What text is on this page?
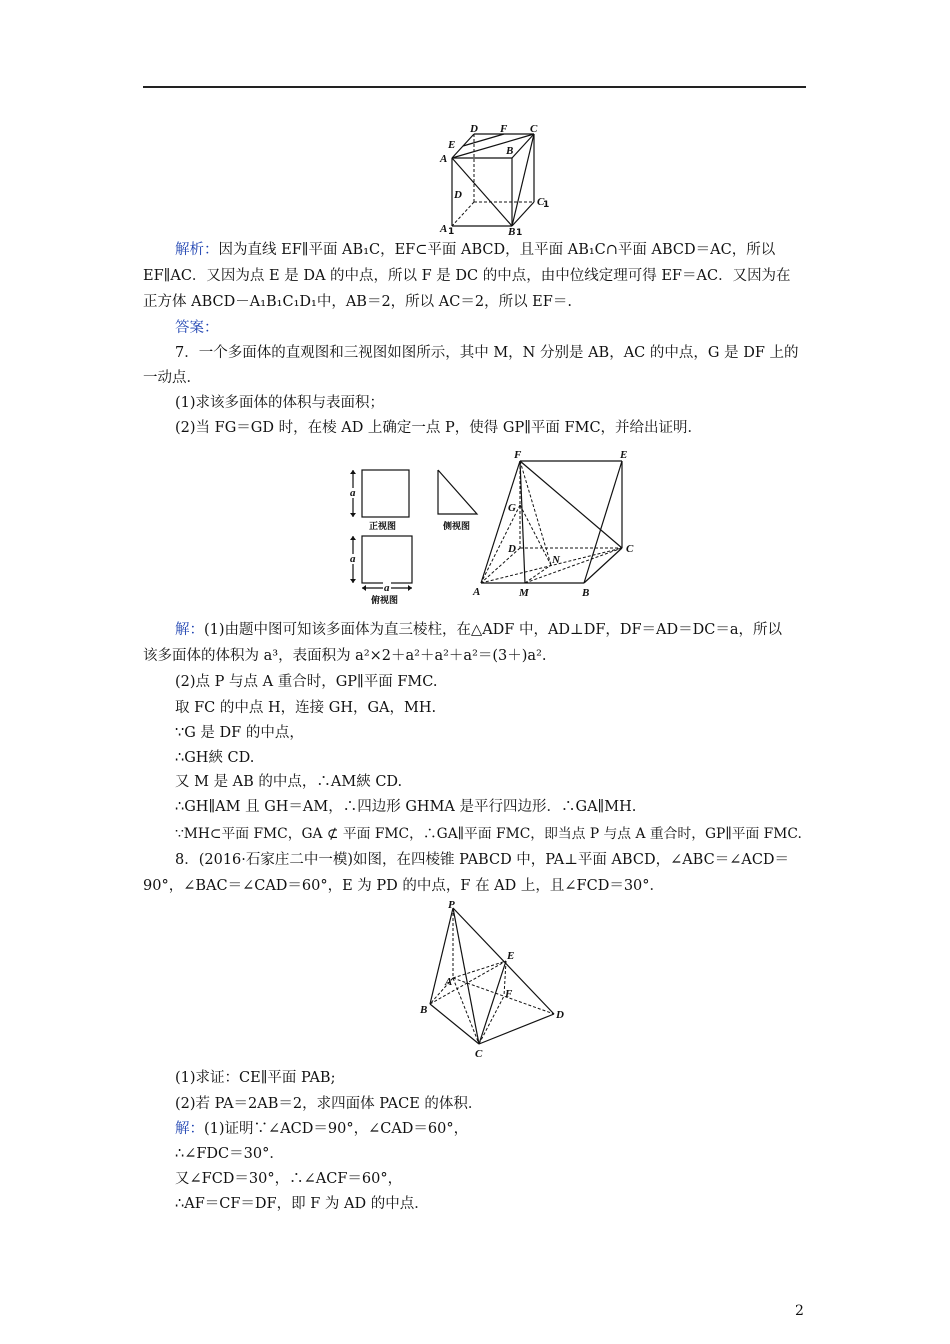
D F C
E
A
B
D
C
1
A 1	B 1
解析：因为直线 EF∥平面 AB₁C，EF⊂平面 ABCD，且平面 AB₁C∩平面 ABCD＝AC，所以
EF∥AC．又因为点 E 是 DA 的中点，所以 F 是 DC 的中点，由中位线定理可得 EF＝AC．又因为在
正方体 ABCD－A₁B₁C₁D₁中，AB＝2，所以 AC＝2，所以 EF＝.
答案：
7．一个多面体的直观图和三视图如图所示，其中 M，N 分别是 AB，AC 的中点，G 是 DF 上的
一动点．
(1)求该多面体的体积与表面积；
(2)当 FG＝GD 时，在棱 AD 上确定一点 P，使得 GP∥平面 FMC，并给出证明．
a
a
a
正视图	侧视图
俯视图
F	E
G
D	C
N
A	M	B
解：(1)由题中图可知该多面体为直三棱柱，在△ADF 中，AD⊥DF，DF＝AD＝DC＝a，所以
该多面体的体积为 a³，表面积为 a²×2＋a²＋a²＋a²＝(3＋)a².
(2)点 P 与点 A 重合时，GP∥平面 FMC.
取 FC 的中点 H，连接 GH，GA，MH.
∵G 是 DF 的中点，
∴GH綊 CD.
又 M 是 AB 的中点，∴AM綊 CD.
∴GH∥AM 且 GH＝AM，∴四边形 GHMA 是平行四边形．∴GA∥MH.
∵MH⊂平面 FMC，GA ⊄ 平面 FMC，∴GA∥平面 FMC，即当点 P 与点 A 重合时，GP∥平面 FMC.
8．(2016·石家庄二中一模)如图，在四棱锥 PABCD 中，PA⊥平面 ABCD，∠ABC＝∠ACD＝
90°，∠BAC＝∠CAD＝60°，E 为 PD 的中点，F 在 AD 上，且∠FCD＝30°．
P
E
A
F
B	D
C
(1)求证：CE∥平面 PAB;
(2)若 PA＝2AB＝2，求四面体 PACE 的体积．
解：(1)证明∵∠ACD＝90°，∠CAD＝60°，
∴∠FDC＝30°．
又∠FCD＝30°，∴∠ACF＝60°，
∴AF＝CF＝DF，即 F 为 AD 的中点．
2
